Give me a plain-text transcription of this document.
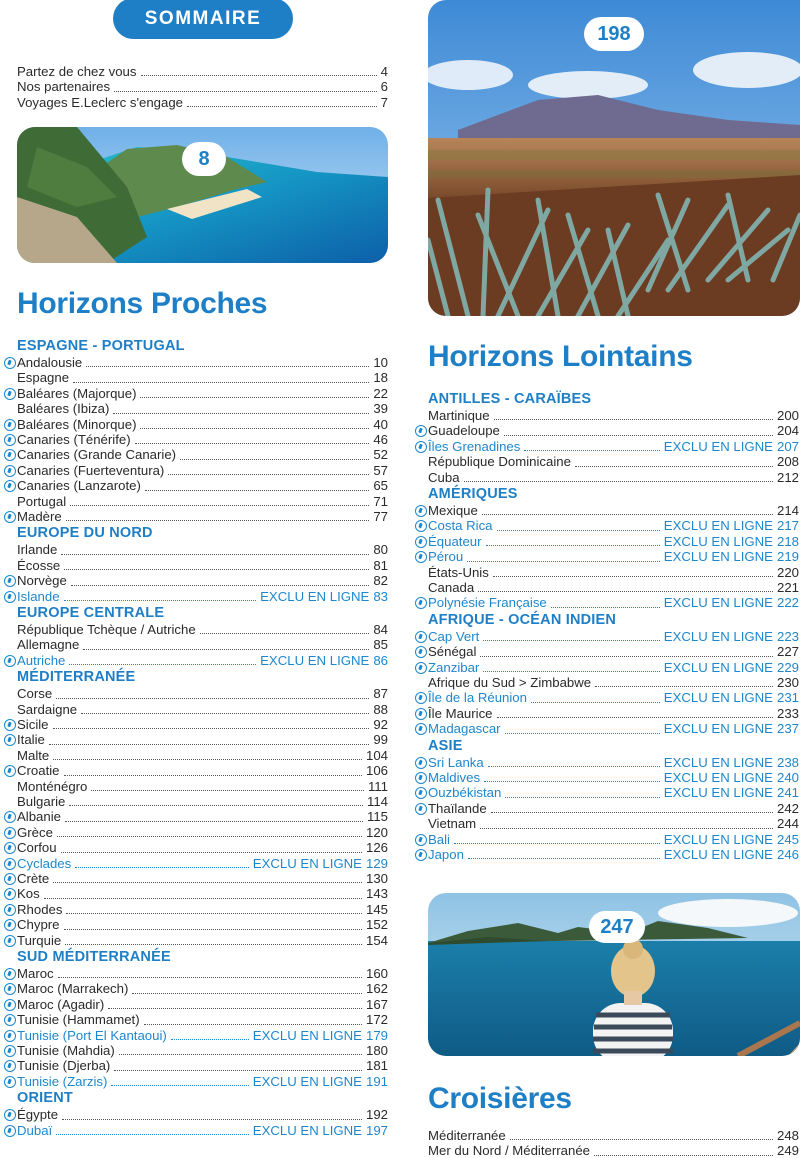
SOMMAIRE
Partez de chez vous	4
Nos partenaires	6
Voyages E.Leclerc s'engage	7
8
Horizons Proches
ESPAGNE - PORTUGAL
Andalousie	10
Espagne	18
Baléares (Majorque)	22
Baléares (Ibiza)	39
Baléares (Minorque)	40
Canaries (Ténérife)	46
Canaries (Grande Canarie)	52
Canaries (Fuerteventura)	57
Canaries (Lanzarote)	65
Portugal	71
Madère	77
EUROPE DU NORD
Irlande	80
Écosse	81
Norvège	82
Islande	EXCLU EN LIGNE 83
EUROPE CENTRALE
République Tchèque / Autriche	84
Allemagne	85
Autriche	EXCLU EN LIGNE 86
MÉDITERRANÉE
Corse	87
Sardaigne	88
Sicile	92
Italie	99
Malte	104
Croatie	106
Monténégro	111
Bulgarie	114
Albanie	115
Grèce	120
Corfou	126
Cyclades	EXCLU EN LIGNE 129
Crète	130
Kos	143
Rhodes	145
Chypre	152
Turquie	154
SUD MÉDITERRANÉE
Maroc	160
Maroc (Marrakech)	162
Maroc (Agadir)	167
Tunisie (Hammamet)	172
Tunisie (Port El Kantaoui)	EXCLU EN LIGNE 179
Tunisie (Mahdia)	180
Tunisie (Djerba)	181
Tunisie (Zarzis)	EXCLU EN LIGNE 191
ORIENT
Égypte	192
Dubaï	EXCLU EN LIGNE 197
198
Horizons Lointains
ANTILLES - CARAÏBES
Martinique	200
Guadeloupe	204
Îles Grenadines	EXCLU EN LIGNE 207
République Dominicaine	208
Cuba	212
AMÉRIQUES
Mexique	214
Costa Rica	EXCLU EN LIGNE 217
Équateur	EXCLU EN LIGNE 218
Pérou	EXCLU EN LIGNE 219
États-Unis	220
Canada	221
Polynésie Française	EXCLU EN LIGNE 222
AFRIQUE - OCÉAN INDIEN
Cap Vert	EXCLU EN LIGNE 223
Sénégal	227
Zanzibar	EXCLU EN LIGNE 229
Afrique du Sud > Zimbabwe	230
Île de la Réunion	EXCLU EN LIGNE 231
Île Maurice	233
Madagascar	EXCLU EN LIGNE 237
ASIE
Sri Lanka	EXCLU EN LIGNE 238
Maldives	EXCLU EN LIGNE 240
Ouzbékistan	EXCLU EN LIGNE 241
Thaïlande	242
Vietnam	244
Bali	EXCLU EN LIGNE 245
Japon	EXCLU EN LIGNE 246
247
Croisières
Méditerranée	248
Mer du Nord / Méditerranée	249
